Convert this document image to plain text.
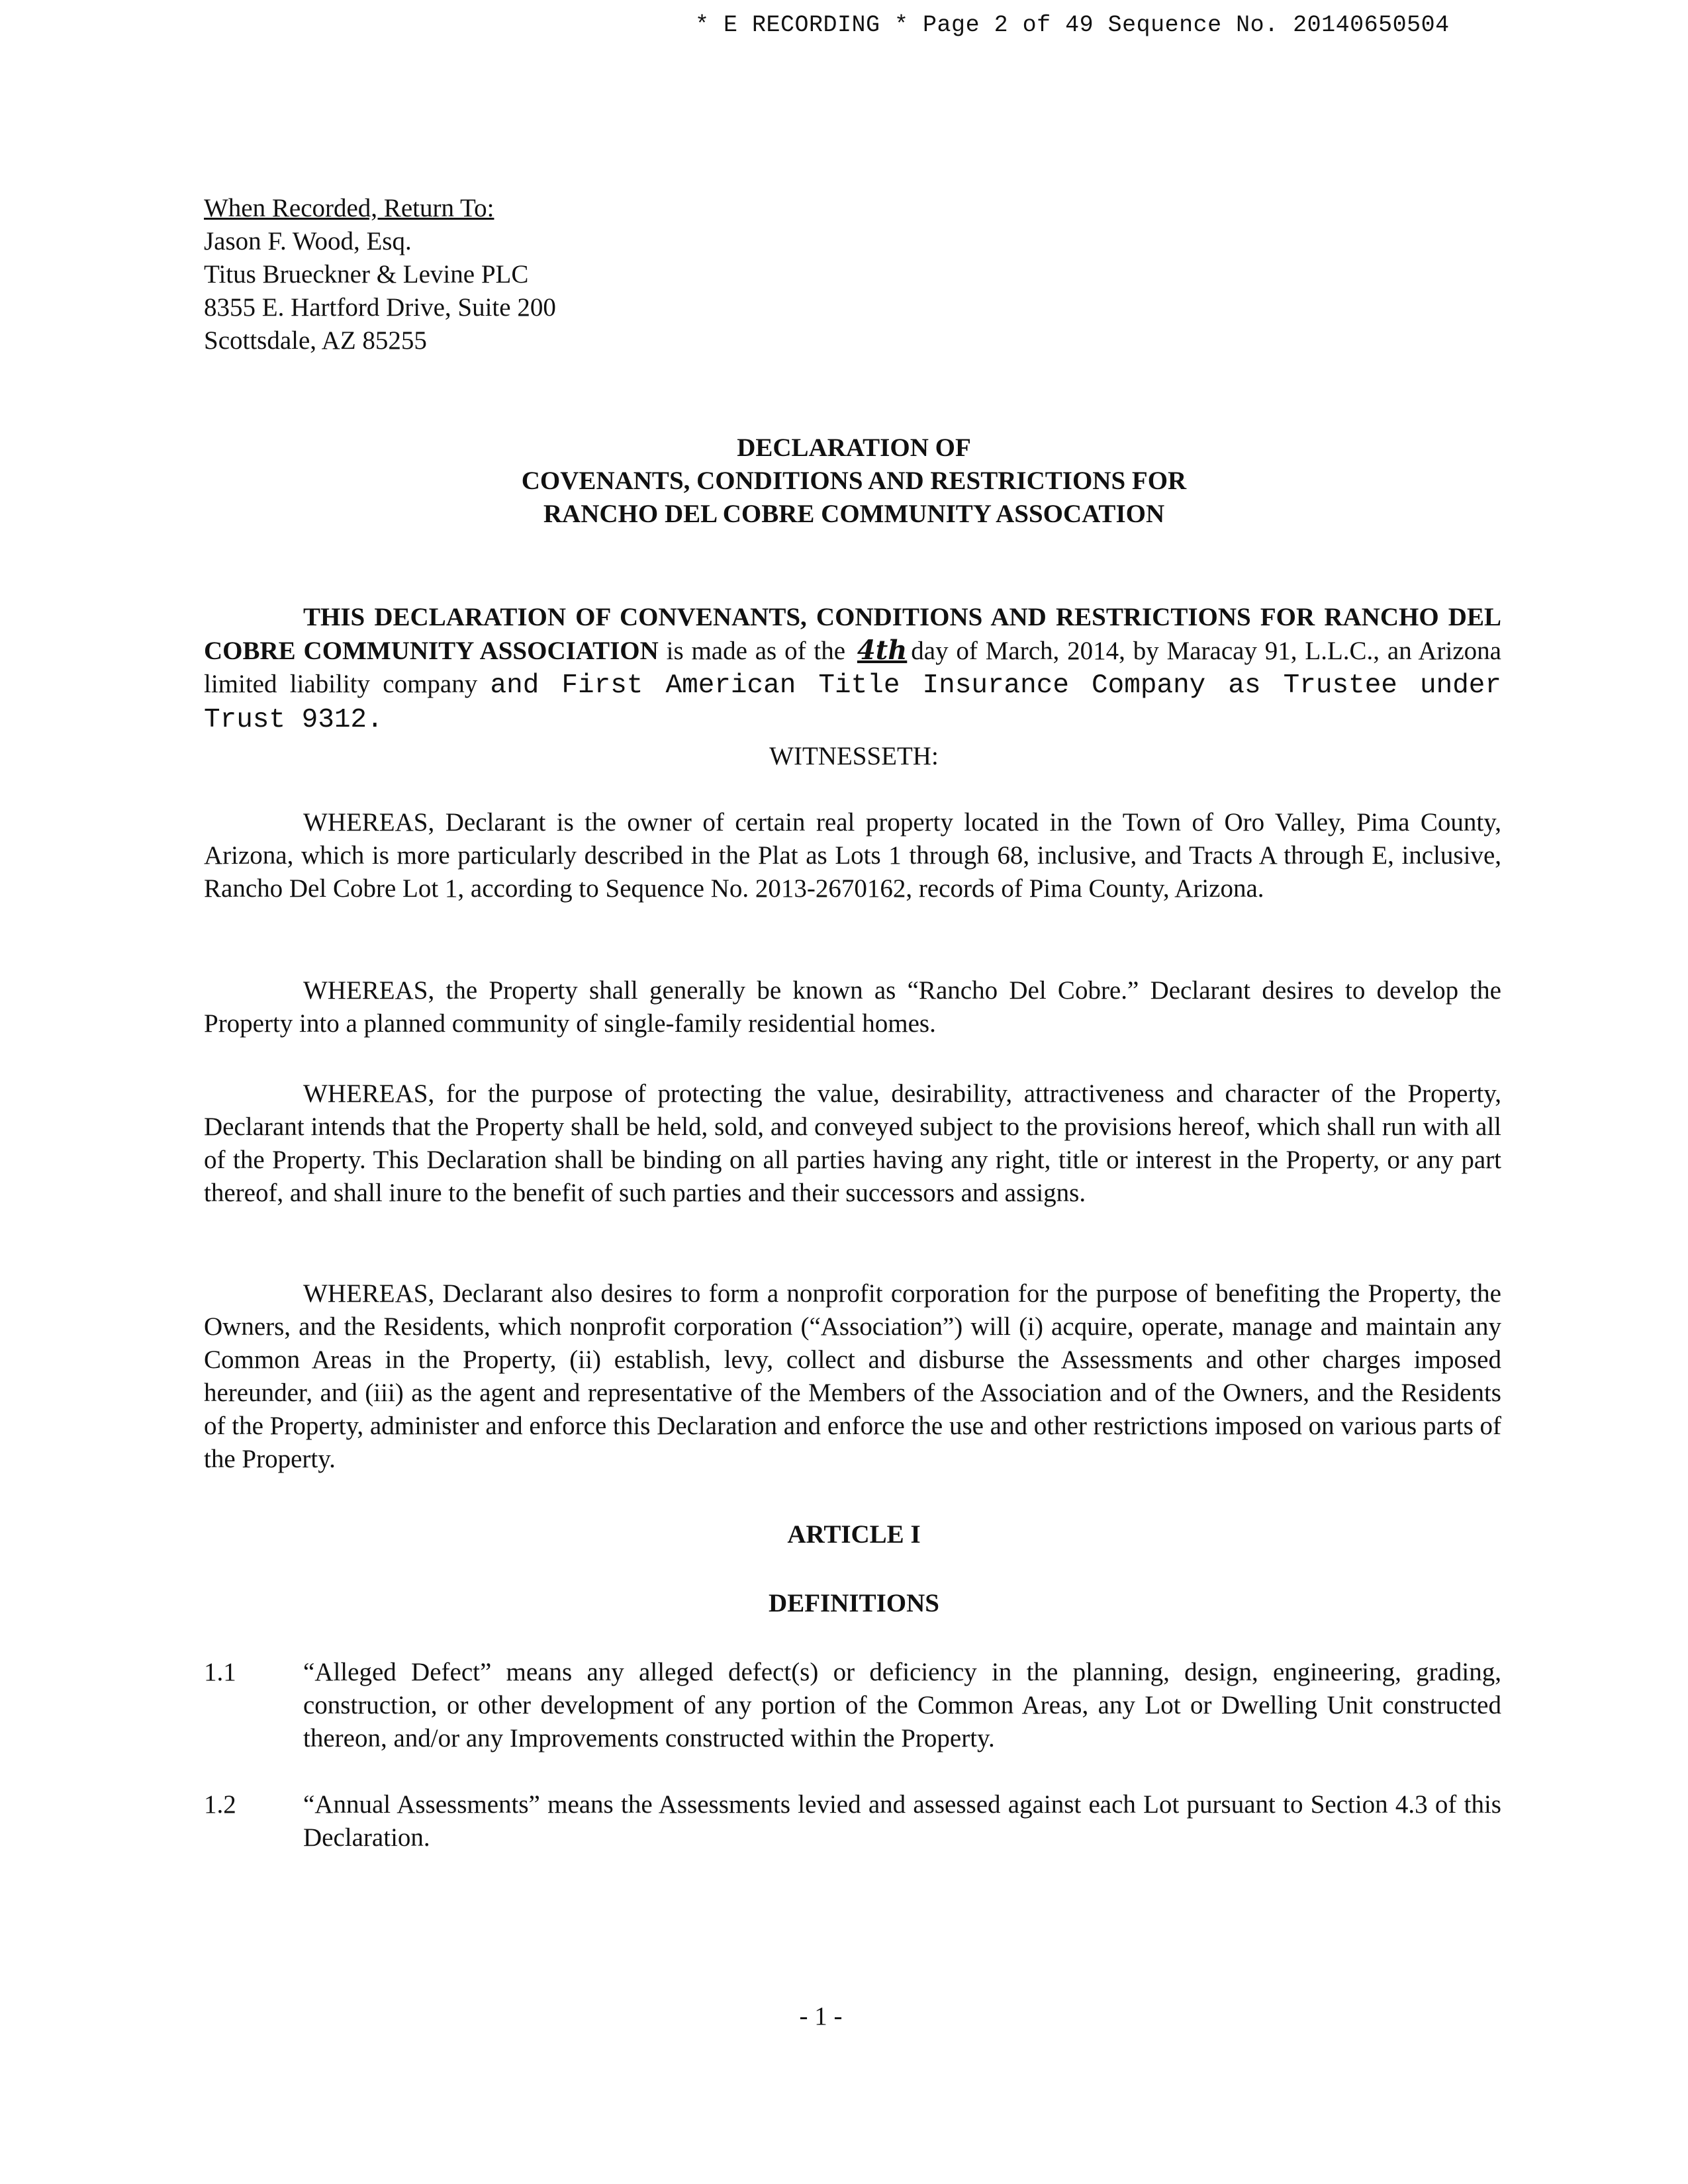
* E RECORDING * Page 2 of 49 Sequence No. 20140650504
When Recorded, Return To:
Jason F. Wood, Esq.
Titus Brueckner & Levine PLC
8355 E. Hartford Drive, Suite 200
Scottsdale, AZ 85255
DECLARATION OF
COVENANTS, CONDITIONS AND RESTRICTIONS FOR
RANCHO DEL COBRE COMMUNITY ASSOCATION
THIS DECLARATION OF CONVENANTS, CONDITIONS AND RESTRICTIONS FOR RANCHO DEL COBRE COMMUNITY ASSOCIATION is made as of the 4th day of March, 2014, by Maracay 91, L.L.C., an Arizona limited liability company and First American Title Insurance Company as Trustee under Trust 9312.
WITNESSETH:
WHEREAS, Declarant is the owner of certain real property located in the Town of Oro Valley, Pima County, Arizona, which is more particularly described in the Plat as Lots 1 through 68, inclusive, and Tracts A through E, inclusive, Rancho Del Cobre Lot 1, according to Sequence No. 2013-2670162, records of Pima County, Arizona.
WHEREAS, the Property shall generally be known as “Rancho Del Cobre.” Declarant desires to develop the Property into a planned community of single-family residential homes.
WHEREAS, for the purpose of protecting the value, desirability, attractiveness and character of the Property, Declarant intends that the Property shall be held, sold, and conveyed subject to the provisions hereof, which shall run with all of the Property. This Declaration shall be binding on all parties having any right, title or interest in the Property, or any part thereof, and shall inure to the benefit of such parties and their successors and assigns.
WHEREAS, Declarant also desires to form a nonprofit corporation for the purpose of benefiting the Property, the Owners, and the Residents, which nonprofit corporation (“Association”) will (i) acquire, operate, manage and maintain any Common Areas in the Property, (ii) establish, levy, collect and disburse the Assessments and other charges imposed hereunder, and (iii) as the agent and representative of the Members of the Association and of the Owners, and the Residents of the Property, administer and enforce this Declaration and enforce the use and other restrictions imposed on various parts of the Property.
ARTICLE I
DEFINITIONS
1.1	“Alleged Defect” means any alleged defect(s) or deficiency in the planning, design, engineering, grading, construction, or other development of any portion of the Common Areas, any Lot or Dwelling Unit constructed thereon, and/or any Improvements constructed within the Property.
1.2	“Annual Assessments” means the Assessments levied and assessed against each Lot pursuant to Section 4.3 of this Declaration.
- 1 -
